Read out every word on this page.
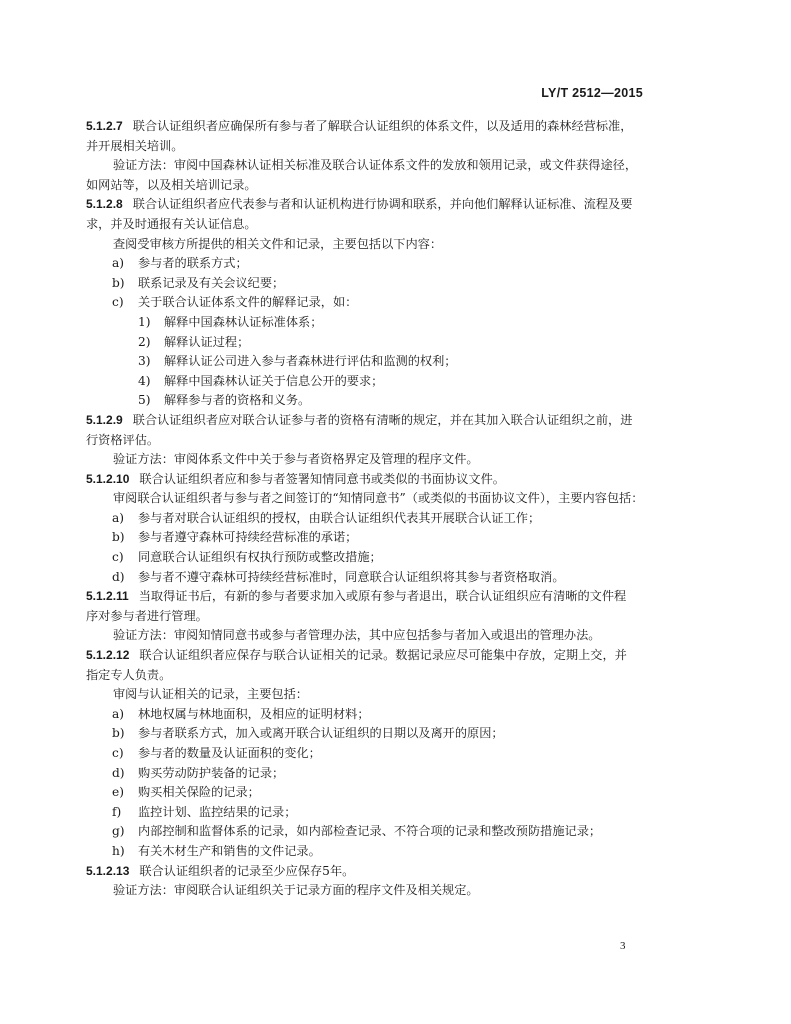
LY/T 2512—2015
5.1.2.7 联合认证组织者应确保所有参与者了解联合认证组织的体系文件，以及适用的森林经营标准，
并开展相关培训。
验证方法：审阅中国森林认证相关标准及联合认证体系文件的发放和领用记录，或文件获得途径，
如网站等，以及相关培训记录。
5.1.2.8 联合认证组织者应代表参与者和认证机构进行协调和联系，并向他们解释认证标准、流程及要
求，并及时通报有关认证信息。
查阅受审核方所提供的相关文件和记录，主要包括以下内容：
a) 参与者的联系方式；
b) 联系记录及有关会议纪要；
c) 关于联合认证体系文件的解释记录，如：
1) 解释中国森林认证标准体系；
2) 解释认证过程；
3) 解释认证公司进入参与者森林进行评估和监测的权利；
4) 解释中国森林认证关于信息公开的要求；
5) 解释参与者的资格和义务。
5.1.2.9 联合认证组织者应对联合认证参与者的资格有清晰的规定，并在其加入联合认证组织之前，进
行资格评估。
验证方法：审阅体系文件中关于参与者资格界定及管理的程序文件。
5.1.2.10 联合认证组织者应和参与者签署知情同意书或类似的书面协议文件。
审阅联合认证组织者与参与者之间签订的“知情同意书”（或类似的书面协议文件），主要内容包括：
a) 参与者对联合认证组织的授权，由联合认证组织代表其开展联合认证工作；
b) 参与者遵守森林可持续经营标准的承诺；
c) 同意联合认证组织有权执行预防或整改措施；
d) 参与者不遵守森林可持续经营标准时，同意联合认证组织将其参与者资格取消。
5.1.2.11 当取得证书后，有新的参与者要求加入或原有参与者退出，联合认证组织应有清晰的文件程
序对参与者进行管理。
验证方法：审阅知情同意书或参与者管理办法，其中应包括参与者加入或退出的管理办法。
5.1.2.12 联合认证组织者应保存与联合认证相关的记录。数据记录应尽可能集中存放，定期上交，并
指定专人负责。
审阅与认证相关的记录，主要包括：
a) 林地权属与林地面积，及相应的证明材料；
b) 参与者联系方式，加入或离开联合认证组织的日期以及离开的原因；
c) 参与者的数量及认证面积的变化；
d) 购买劳动防护装备的记录；
e) 购买相关保险的记录；
f) 监控计划、监控结果的记录；
g) 内部控制和监督体系的记录，如内部检查记录、不符合项的记录和整改预防措施记录；
h) 有关木材生产和销售的文件记录。
5.1.2.13 联合认证组织者的记录至少应保存5年。
验证方法：审阅联合认证组织关于记录方面的程序文件及相关规定。
3
